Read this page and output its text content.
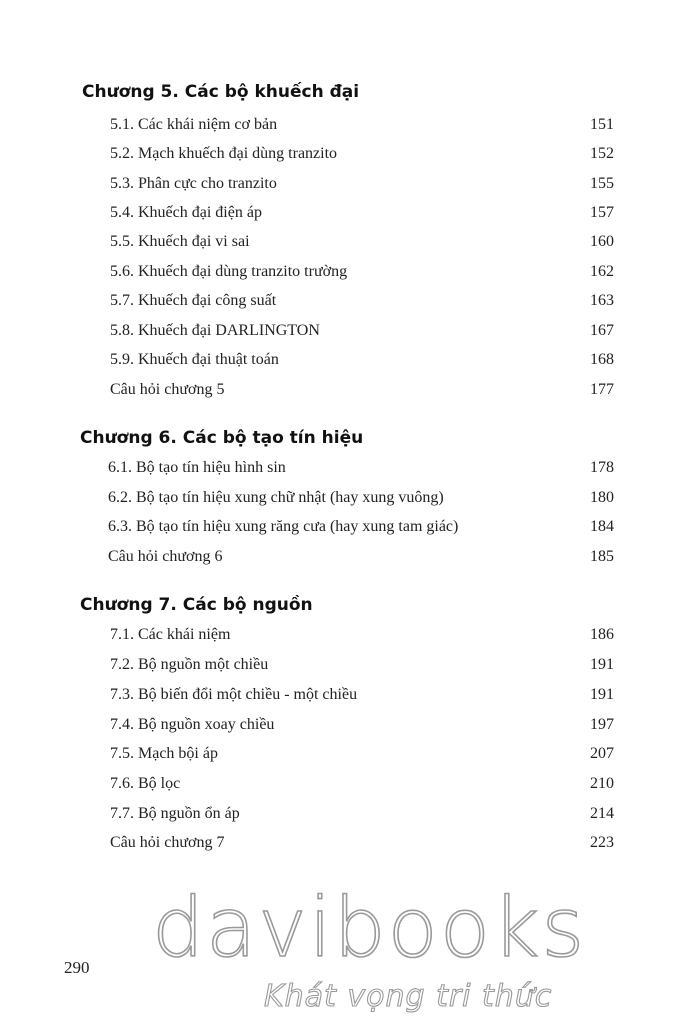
Chương 5. Các bộ khuếch đại
5.1. Các khái niệm cơ bản	151
5.2. Mạch khuếch đại dùng tranzito	152
5.3. Phân cực cho tranzito	155
5.4. Khuếch đại điện áp	157
5.5. Khuếch đại vi sai	160
5.6. Khuếch đại dùng tranzito trường	162
5.7. Khuếch đại công suất	163
5.8. Khuếch đại DARLINGTON	167
5.9. Khuếch đại thuật toán	168
Câu hỏi chương 5	177
Chương 6. Các bộ tạo tín hiệu
6.1. Bộ tạo tín hiệu hình sin	178
6.2. Bộ tạo tín hiệu xung chữ nhật (hay xung vuông)	180
6.3. Bộ tạo tín hiệu xung răng cưa (hay xung tam giác)	184
Câu hỏi chương 6	185
Chương 7. Các bộ nguồn
7.1. Các khái niệm	186
7.2. Bộ nguồn một chiều	191
7.3. Bộ biến đổi một chiều - một chiều	191
7.4. Bộ nguồn xoay chiều	197
7.5. Mạch bội áp	207
7.6. Bộ lọc	210
7.7. Bộ nguồn ổn áp	214
Câu hỏi chương 7	223
290 davibooks
Khát vọng tri thức
